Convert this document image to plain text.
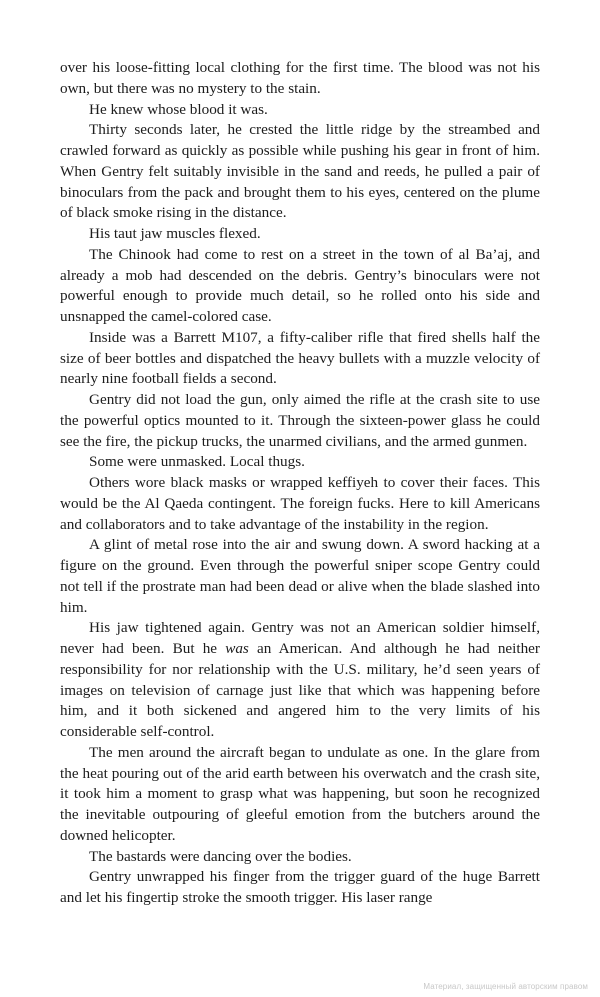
over his loose-fitting local clothing for the first time. The blood was not his own, but there was no mystery to the stain.

He knew whose blood it was.

Thirty seconds later, he crested the little ridge by the streambed and crawled forward as quickly as possible while pushing his gear in front of him. When Gentry felt suitably invisible in the sand and reeds, he pulled a pair of binoculars from the pack and brought them to his eyes, centered on the plume of black smoke rising in the distance.

His taut jaw muscles flexed.

The Chinook had come to rest on a street in the town of al Ba’aj, and already a mob had descended on the debris. Gentry’s binoculars were not powerful enough to provide much detail, so he rolled onto his side and unsnapped the camel-colored case.

Inside was a Barrett M107, a fifty-caliber rifle that fired shells half the size of beer bottles and dispatched the heavy bullets with a muzzle velocity of nearly nine football fields a second.

Gentry did not load the gun, only aimed the rifle at the crash site to use the powerful optics mounted to it. Through the sixteen-power glass he could see the fire, the pickup trucks, the unarmed civilians, and the armed gunmen.

Some were unmasked. Local thugs.

Others wore black masks or wrapped keffiyeh to cover their faces. This would be the Al Qaeda contingent. The foreign fucks. Here to kill Americans and collaborators and to take advantage of the instability in the region.

A glint of metal rose into the air and swung down. A sword hacking at a figure on the ground. Even through the powerful sniper scope Gentry could not tell if the prostrate man had been dead or alive when the blade slashed into him.

His jaw tightened again. Gentry was not an American soldier himself, never had been. But he was an American. And although he had neither responsibility for nor relationship with the U.S. military, he’d seen years of images on television of carnage just like that which was happening before him, and it both sickened and angered him to the very limits of his considerable self-control.

The men around the aircraft began to undulate as one. In the glare from the heat pouring out of the arid earth between his overwatch and the crash site, it took him a moment to grasp what was happening, but soon he recognized the inevitable outpouring of gleeful emotion from the butchers around the downed helicopter.

The bastards were dancing over the bodies.

Gentry unwrapped his finger from the trigger guard of the huge Barrett and let his fingertip stroke the smooth trigger. His laser range

Материал, защищенный авторским правом
